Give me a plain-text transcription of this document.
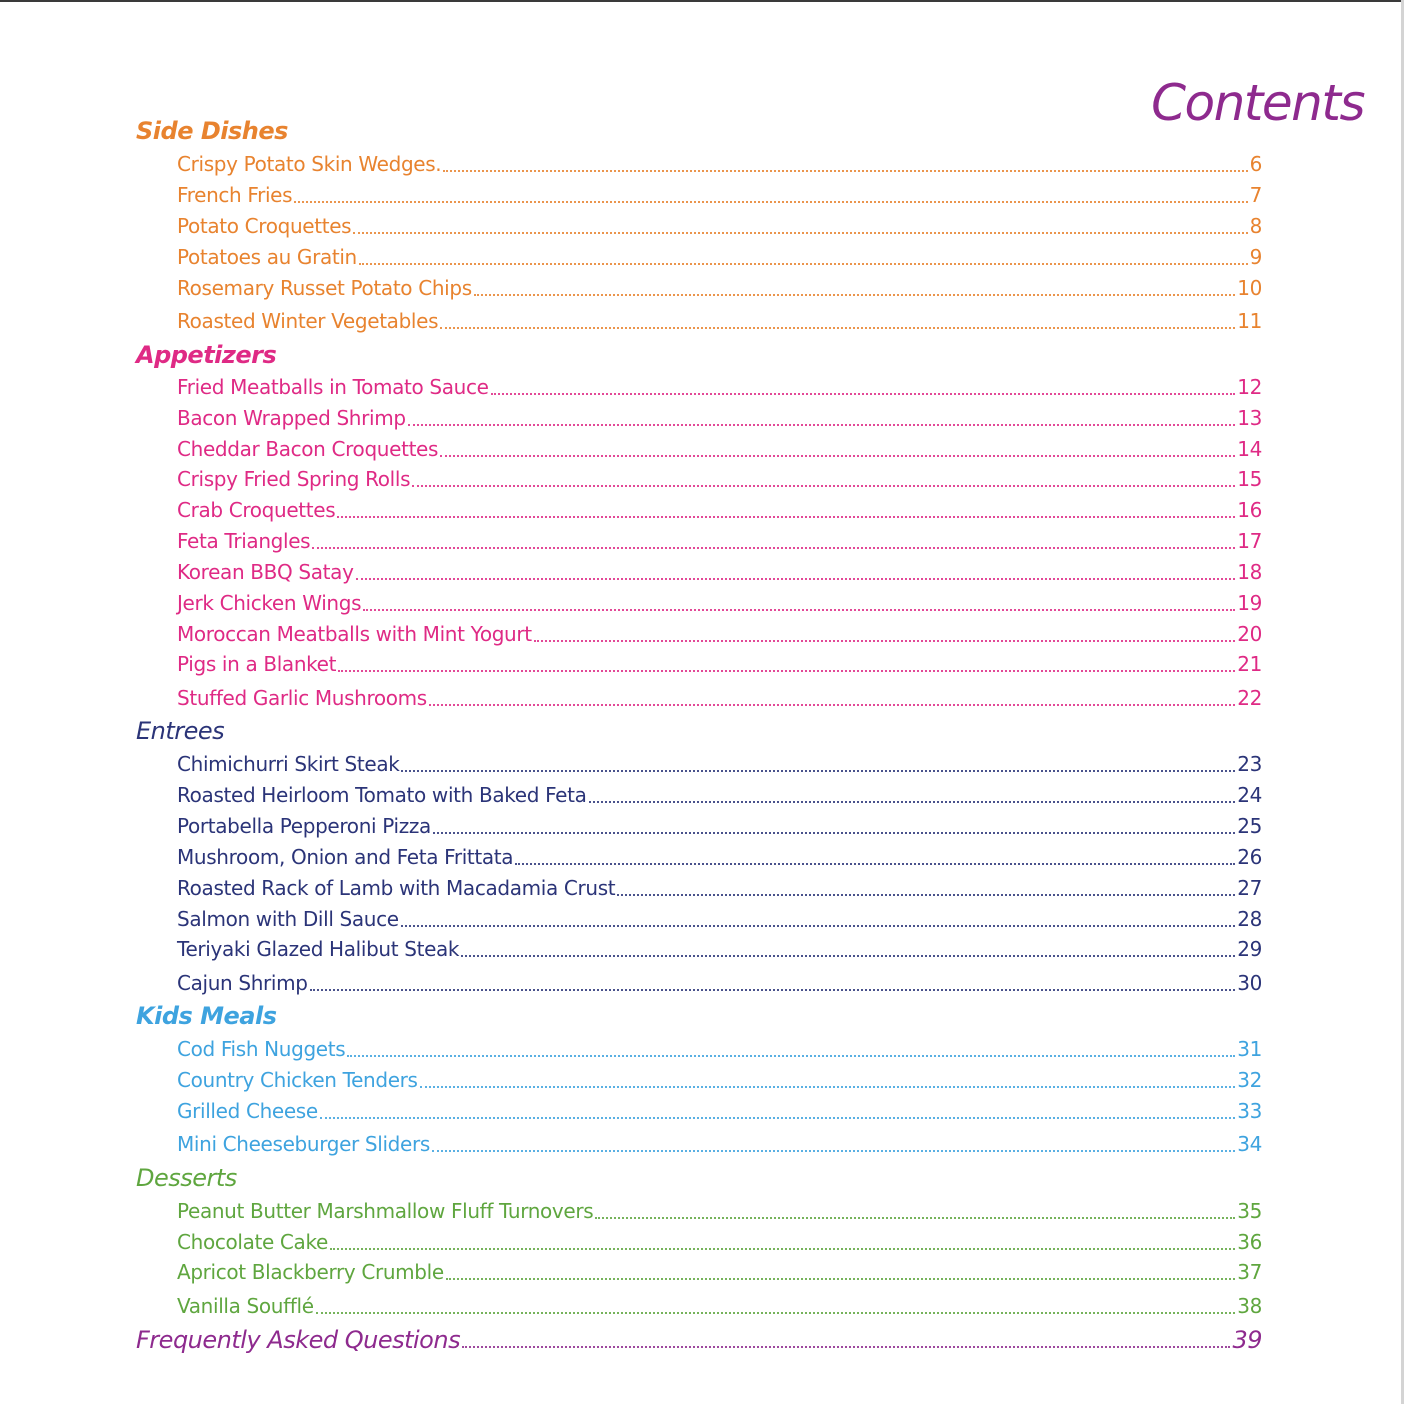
Contents
Side Dishes
Crispy Potato Skin Wedges.	6
French Fries	7
Potato Croquettes	8
Potatoes au Gratin	9
Rosemary Russet Potato Chips	10
Roasted Winter Vegetables	11
Appetizers
Fried Meatballs in Tomato Sauce	12
Bacon Wrapped Shrimp	13
Cheddar Bacon Croquettes	14
Crispy Fried Spring Rolls	15
Crab Croquettes	16
Feta Triangles	17
Korean BBQ Satay	18
Jerk Chicken Wings	19
Moroccan Meatballs with Mint Yogurt	20
Pigs in a Blanket	21
Stuffed Garlic Mushrooms	22
Entrees
Chimichurri Skirt Steak	23
Roasted Heirloom Tomato with Baked Feta	24
Portabella Pepperoni Pizza	25
Mushroom, Onion and Feta Frittata	26
Roasted Rack of Lamb with Macadamia Crust	27
Salmon with Dill Sauce	28
Teriyaki Glazed Halibut Steak	29
Cajun Shrimp	30
Kids Meals
Cod Fish Nuggets	31
Country Chicken Tenders	32
Grilled Cheese	33
Mini Cheeseburger Sliders	34
Desserts
Peanut Butter Marshmallow Fluff Turnovers	35
Chocolate Cake	36
Apricot Blackberry Crumble	37
Vanilla Soufflé	38
Frequently Asked Questions	39
